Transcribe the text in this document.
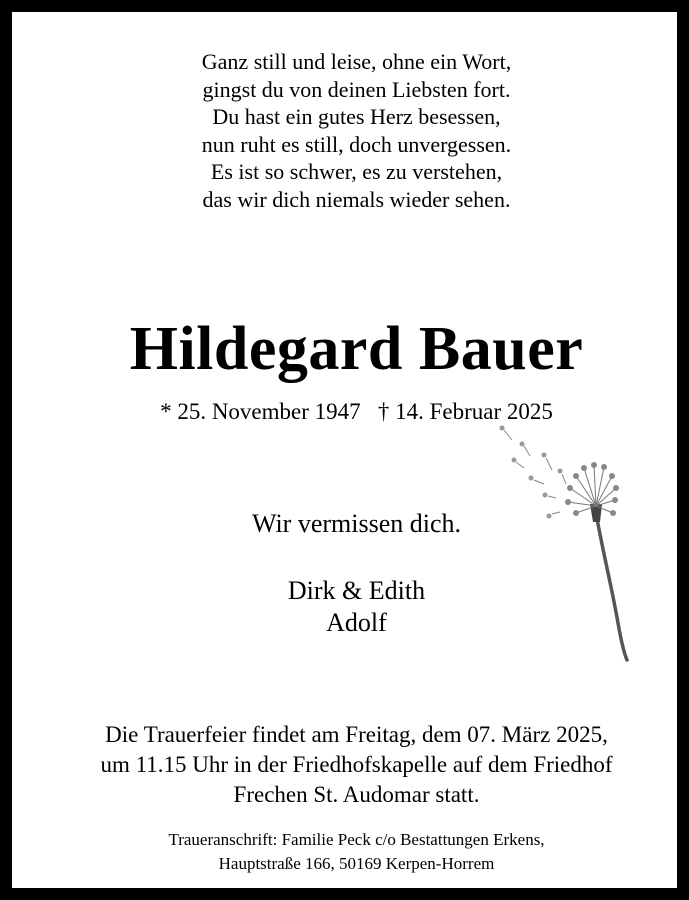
Ganz still und leise, ohne ein Wort,
gingst du von deinen Liebsten fort.
Du hast ein gutes Herz besessen,
nun ruht es still, doch unvergessen.
Es ist so schwer, es zu verstehen,
das wir dich niemals wieder sehen.
Hildegard Bauer
* 25. November 1947   † 14. Februar 2025
Wir vermissen dich.
Dirk & Edith
Adolf
Die Trauerfeier findet am Freitag, dem 07. März 2025,
um 11.15 Uhr in der Friedhofskapelle auf dem Friedhof
Frechen St. Audomar statt.
Traueranschrift: Familie Peck c/o Bestattungen Erkens,
Hauptstraße 166, 50169 Kerpen-Horrem
